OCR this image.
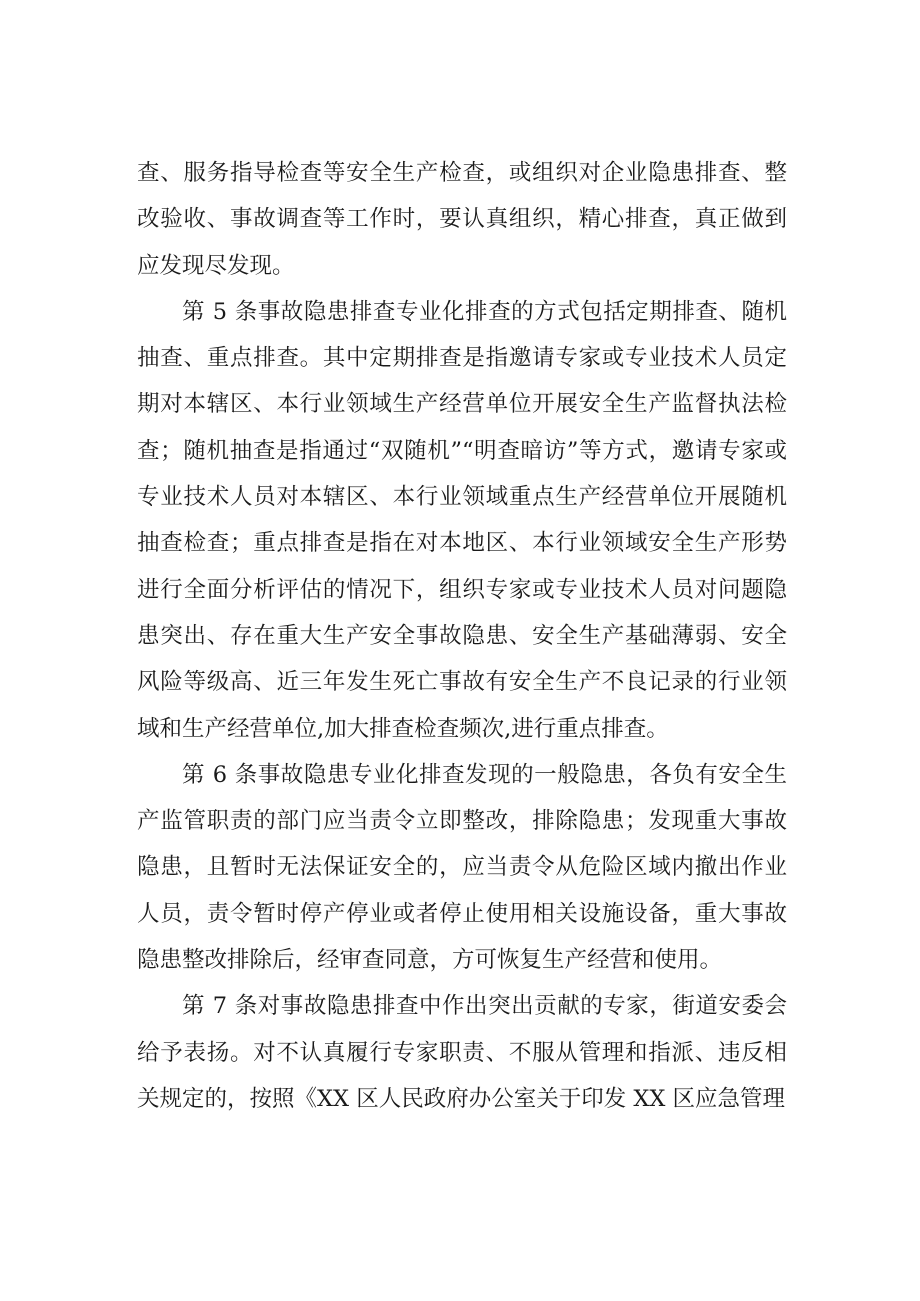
查、服务指导检查等安全生产检查，或组织对企业隐患排查、整改验收、事故调查等工作时，要认真组织，精心排查，真正做到应发现尽发现。

第 5 条事故隐患排查专业化排查的方式包括定期排查、随机抽查、重点排查。其中定期排查是指邀请专家或专业技术人员定期对本辖区、本行业领域生产经营单位开展安全生产监督执法检查；随机抽查是指通过“双随机”“明查暗访”等方式，邀请专家或专业技术人员对本辖区、本行业领域重点生产经营单位开展随机抽查检查；重点排查是指在对本地区、本行业领域安全生产形势进行全面分析评估的情况下，组织专家或专业技术人员对问题隐患突出、存在重大生产安全事故隐患、安全生产基础薄弱、安全风险等级高、近三年发生死亡事故有安全生产不良记录的行业领域和生产经营单位,加大排查检查频次,进行重点排查。

第 6 条事故隐患专业化排查发现的一般隐患，各负有安全生产监管职责的部门应当责令立即整改，排除隐患；发现重大事故隐患，且暂时无法保证安全的，应当责令从危险区域内撤出作业人员，责令暂时停产停业或者停止使用相关设施设备，重大事故隐患整改排除后，经审查同意，方可恢复生产经营和使用。

第 7 条对事故隐患排查中作出突出贡献的专家，街道安委会给予表扬。对不认真履行专家职责、不服从管理和指派、违反相关规定的，按照《XX 区人民政府办公室关于印发 XX 区应急管理
